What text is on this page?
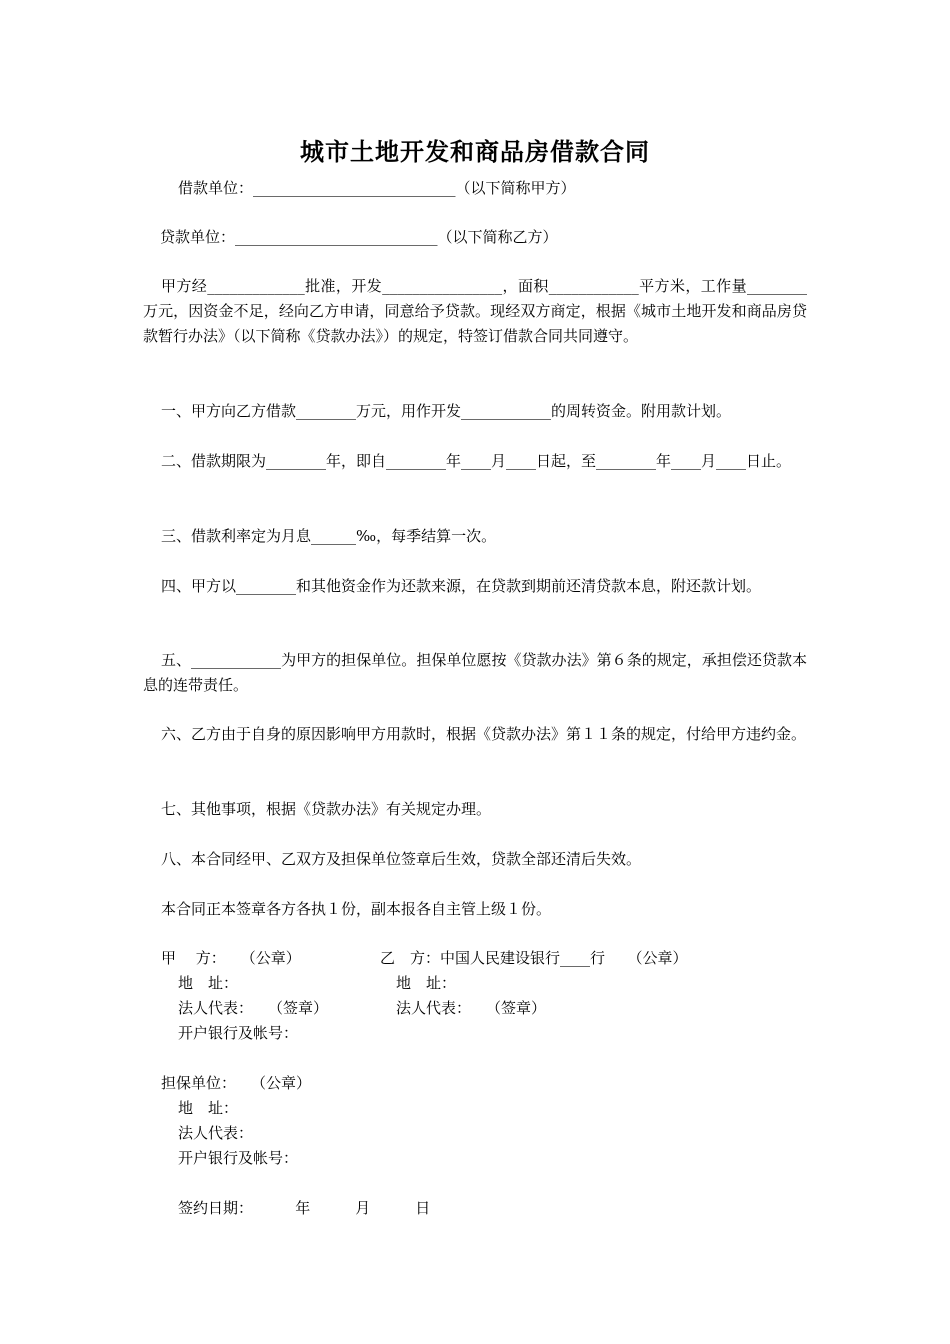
城市土地开发和商品房借款合同
借款单位：___________________________（以下简称甲方）
贷款单位：___________________________（以下简称乙方）
甲方经_____________批准，开发________________，面积____________平方米，工作量________万元，因资金不足，经向乙方申请，同意给予贷款。现经双方商定，根据《城市土地开发和商品房贷款暂行办法》（以下简称《贷款办法》）的规定，特签订借款合同共同遵守。
一、甲方向乙方借款________万元，用作开发____________的周转资金。附用款计划。
二、借款期限为________年，即自________年____月____日起，至________年____月____日止。
三、借款利率定为月息______‰，每季结算一次。
四、甲方以________和其他资金作为还款来源，在贷款到期前还清贷款本息，附还款计划。
五、____________为甲方的担保单位。担保单位愿按《贷款办法》第６条的规定，承担偿还贷款本息的连带责任。
六、乙方由于自身的原因影响甲方用款时，根据《贷款办法》第１１条的规定，付给甲方违约金。
七、其他事项，根据《贷款办法》有关规定办理。
八、本合同经甲、乙双方及担保单位签章后生效，贷款全部还清后失效。
本合同正本签章各方各执１份，副本报各自主管上级１份。
甲　 方：　　（公章）	乙　方：中国人民建设银行____行　　（公章）
地　址：	地　址：
法人代表：　　（签章）	法人代表：　　（签章）
开户银行及帐号：
担保单位：　　（公章）
地　址：
法人代表：
开户银行及帐号：
签约日期：　　　 年　　　月　　　日
